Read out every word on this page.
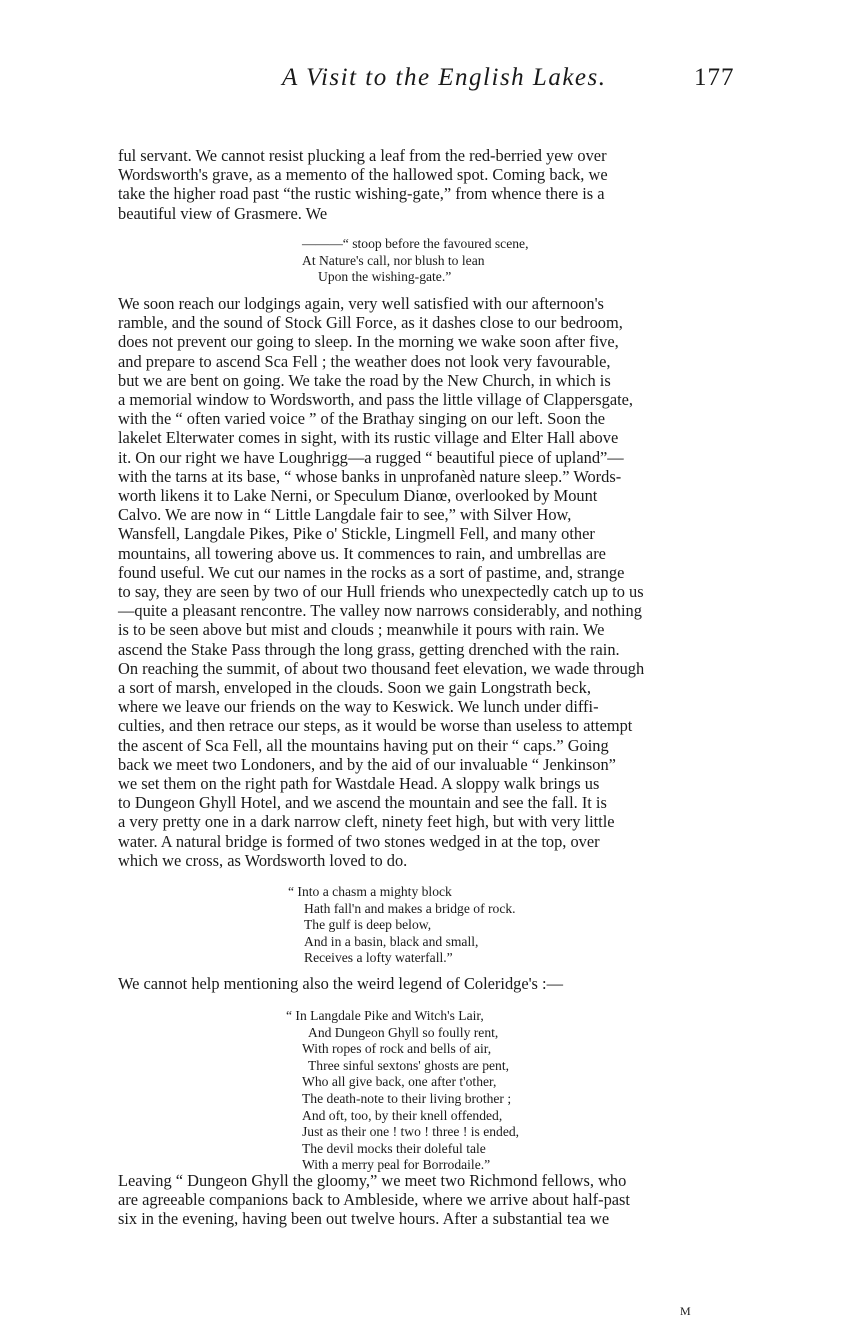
A Visit to the English Lakes.	177
ful servant. We cannot resist plucking a leaf from the red-berried yew over
Wordsworth's grave, as a memento of the hallowed spot. Coming back, we
take the higher road past “the rustic wishing-gate,” from whence there is a
beautiful view of Grasmere. We
———“ stoop before the favoured scene,
At Nature's call, nor blush to lean
Upon the wishing-gate.”
We soon reach our lodgings again, very well satisfied with our afternoon's
ramble, and the sound of Stock Gill Force, as it dashes close to our bedroom,
does not prevent our going to sleep. In the morning we wake soon after five,
and prepare to ascend Sca Fell ; the weather does not look very favourable,
but we are bent on going. We take the road by the New Church, in which is
a memorial window to Wordsworth, and pass the little village of Clappersgate,
with the “ often varied voice ” of the Brathay singing on our left. Soon the
lakelet Elterwater comes in sight, with its rustic village and Elter Hall above
it. On our right we have Loughrigg—a rugged “ beautiful piece of upland”—
with the tarns at its base, “ whose banks in unprofanèd nature sleep.” Words-
worth likens it to Lake Nerni, or Speculum Dianœ, overlooked by Mount
Calvo. We are now in “ Little Langdale fair to see,” with Silver How,
Wansfell, Langdale Pikes, Pike o' Stickle, Lingmell Fell, and many other
mountains, all towering above us. It commences to rain, and umbrellas are
found useful. We cut our names in the rocks as a sort of pastime, and, strange
to say, they are seen by two of our Hull friends who unexpectedly catch up to us
—quite a pleasant rencontre. The valley now narrows considerably, and nothing
is to be seen above but mist and clouds ; meanwhile it pours with rain. We
ascend the Stake Pass through the long grass, getting drenched with the rain.
On reaching the summit, of about two thousand feet elevation, we wade through
a sort of marsh, enveloped in the clouds. Soon we gain Longstrath beck,
where we leave our friends on the way to Keswick. We lunch under diffi-
culties, and then retrace our steps, as it would be worse than useless to attempt
the ascent of Sca Fell, all the mountains having put on their “ caps.” Going
back we meet two Londoners, and by the aid of our invaluable “ Jenkinson”
we set them on the right path for Wastdale Head. A sloppy walk brings us
to Dungeon Ghyll Hotel, and we ascend the mountain and see the fall. It is
a very pretty one in a dark narrow cleft, ninety feet high, but with very little
water. A natural bridge is formed of two stones wedged in at the top, over
which we cross, as Wordsworth loved to do.
“ Into a chasm a mighty block
Hath fall'n and makes a bridge of rock.
The gulf is deep below,
And in a basin, black and small,
Receives a lofty waterfall.”
We cannot help mentioning also the weird legend of Coleridge's :—
“ In Langdale Pike and Witch's Lair,
And Dungeon Ghyll so foully rent,
With ropes of rock and bells of air,
Three sinful sextons' ghosts are pent,
Who all give back, one after t'other,
The death-note to their living brother ;
And oft, too, by their knell offended,
Just as their one ! two ! three ! is ended,
The devil mocks their doleful tale
With a merry peal for Borrodaile.”
Leaving “ Dungeon Ghyll the gloomy,” we meet two Richmond fellows, who
are agreeable companions back to Ambleside, where we arrive about half-past
six in the evening, having been out twelve hours. After a substantial tea we
M
